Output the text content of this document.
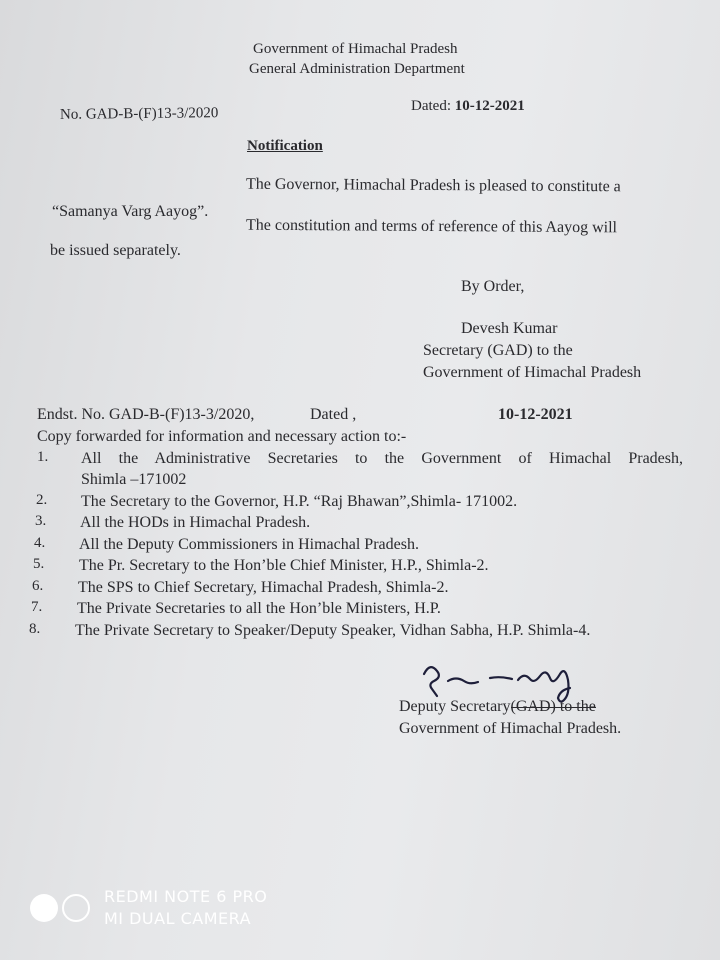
Government of Himachal Pradesh
General Administration Department
No. GAD-B-(F)13-3/2020	Dated: 10-12-2021
Notification
The Governor, Himachal Pradesh is pleased to constitute a
“Samanya Varg Aayog”.
The constitution and terms of reference of this Aayog will
be issued separately.
By Order,
Devesh Kumar
Secretary (GAD) to the
Government of Himachal Pradesh
Endst. No. GAD-B-(F)13-3/2020,	Dated ,	10-12-2021
Copy forwarded for information and necessary action to:-
1.	All the Administrative Secretaries to the Government of Himachal Pradesh,
Shimla –171002
2.	The Secretary to the Governor, H.P. “Raj Bhawan”,Shimla- 171002.
3.	All the HODs in Himachal Pradesh.
4.	All the Deputy Commissioners in Himachal Pradesh.
5.	The Pr. Secretary to the Hon’ble Chief Minister, H.P., Shimla-2.
6.	The SPS to Chief Secretary, Himachal Pradesh, Shimla-2.
7.	The Private Secretaries to all the Hon’ble Ministers, H.P.
8.	The Private Secretary to Speaker/Deputy Speaker, Vidhan Sabha, H.P. Shimla-4.
Deputy Secretary(GAD) to the
Government of Himachal Pradesh.
REDMI NOTE 6 PRO
MI DUAL CAMERA
